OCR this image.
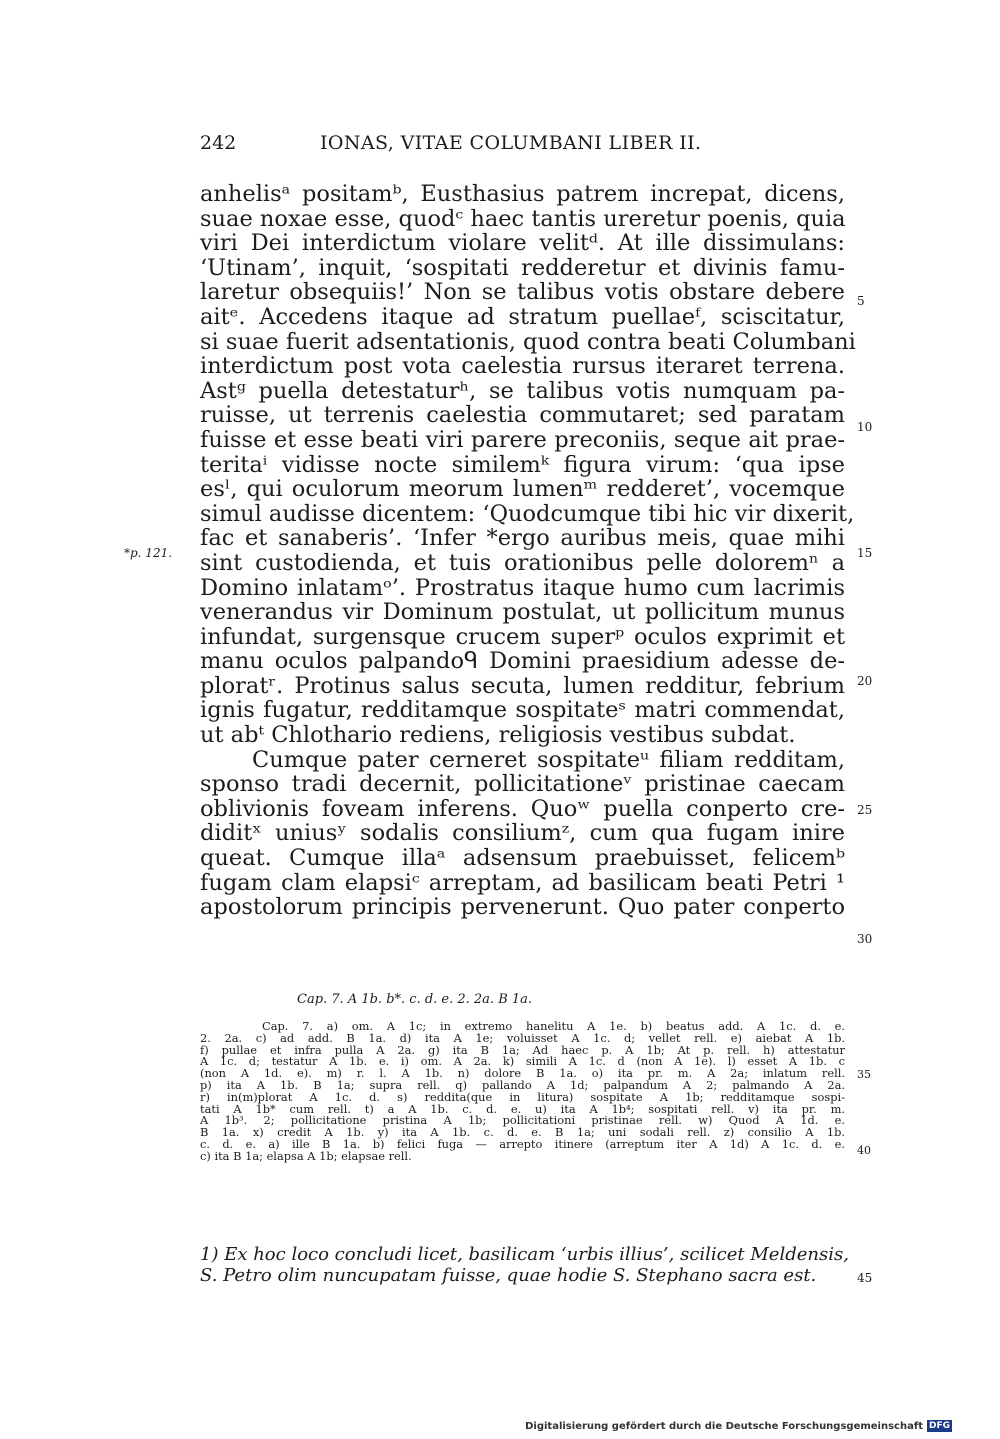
242	IONAS, VITAE COLUMBANI LIBER II.
*p. 121.
anhelisᵃ positamᵇ, Eusthasius patrem increpat, dicens,
suae noxae esse, quodᶜ haec tantis ureretur poenis, quia
viri Dei interdictum violare velitᵈ. At ille dissimulans:
‘Utinam’, inquit, ‘sospitati redderetur et divinis famu-
laretur obsequiis!’ Non se talibus votis obstare debere
aitᵉ. Accedens itaque ad stratum puellaeᶠ, sciscitatur,
si suae fuerit adsentationis, quod contra beati Columbani
interdictum post vota caelestia rursus iteraret terrena.
Astᵍ puella detestaturʰ, se talibus votis numquam pa-
ruisse, ut terrenis caelestia commutaret; sed paratam
fuisse et esse beati viri parere preconiis, seque ait prae-
teritaⁱ vidisse nocte similemᵏ figura virum: ‘qua ipse
esˡ, qui oculorum meorum lumenᵐ redderet’, vocemque
simul audisse dicentem: ‘Quodcumque tibi hic vir dixerit,
fac et sanaberis’. ‘Infer *ergo auribus meis, quae mihi
sint custodienda, et tuis orationibus pelle doloremⁿ a
Domino inlatamᵒ’. Prostratus itaque humo cum lacrimis
venerandus vir Dominum postulat, ut pollicitum munus
infundat, surgensque crucem superᵖ oculos exprimit et
manu oculos palpandoᑫ Domini praesidium adesse de-
ploratʳ. Protinus salus secuta, lumen redditur, febrium
ignis fugatur, redditamque sospitateˢ matri commendat,
ut abᵗ Chlothario rediens, religiosis vestibus subdat.
Cumque pater cerneret sospitateᵘ filiam redditam,
sponso tradi decernit, pollicitationeᵛ pristinae caecam
oblivionis foveam inferens. Quoʷ puella conperto cre-
diditˣ uniusʸ sodalis consiliumᶻ, cum qua fugam inire
queat. Cumque illaᵃ adsensum praebuisset, felicemᵇ
fugam clam elapsiᶜ arreptam, ad basilicam beati Petri ¹
apostolorum principis pervenerunt. Quo pater conperto
5
10
15
20
25
30
Cap. 7. A 1b. b*. c. d. e. 2. 2a. B 1a.
Cap. 7. a) om. A 1c; in extremo hanelitu A 1e. b) beatus add. A 1c. d. e.
2. 2a. c) ad add. B 1a. d) ita A 1e; voluisset A 1c. d; vellet rell. e) aiebat A 1b.
f) pullae et infra pulla A 2a. g) ita B 1a; Ad haec p. A 1b; At p. rell. h) attestatur
A 1c. d; testatur A 1b. e. i) om. A 2a. k) simili A 1c. d (non A 1e). l) esset A 1b. c
(non A 1d. e). m) r. l. A 1b. n) dolore B 1a. o) ita pr. m. A 2a; inlatum rell.
p) ita A 1b. B 1a; supra rell. q) pallando A 1d; palpandum A 2; palmando A 2a.
r) in(m)plorat A 1c. d. s) reddita(que in litura) sospitate A 1b; redditamque sospi-
tati A 1b* cum rell. t) a A 1b. c. d. e. u) ita A 1b⁴; sospitati rell. v) ita pr. m.
A 1b³. 2; pollicitatione pristina A 1b; pollicitationi pristinae rell. w) Quod A 1d. e.
B 1a. x) credit A 1b. y) ita A 1b. c. d. e. B 1a; uni sodali rell. z) consilio A 1b.
c. d. e. a) ille B 1a. b) felici fuga — arrepto itinere (arreptum iter A 1d) A 1c. d. e.
c) ita B 1a; elapsa A 1b; elapsae rell.
35
40
1) Ex hoc loco concludi licet, basilicam ‘urbis illius’, scilicet Meldensis,
S. Petro olim nuncupatam fuisse, quae hodie S. Stephano sacra est.	45
Digitalisierung gefördert durch die Deutsche Forschungsgemeinschaft DFG
